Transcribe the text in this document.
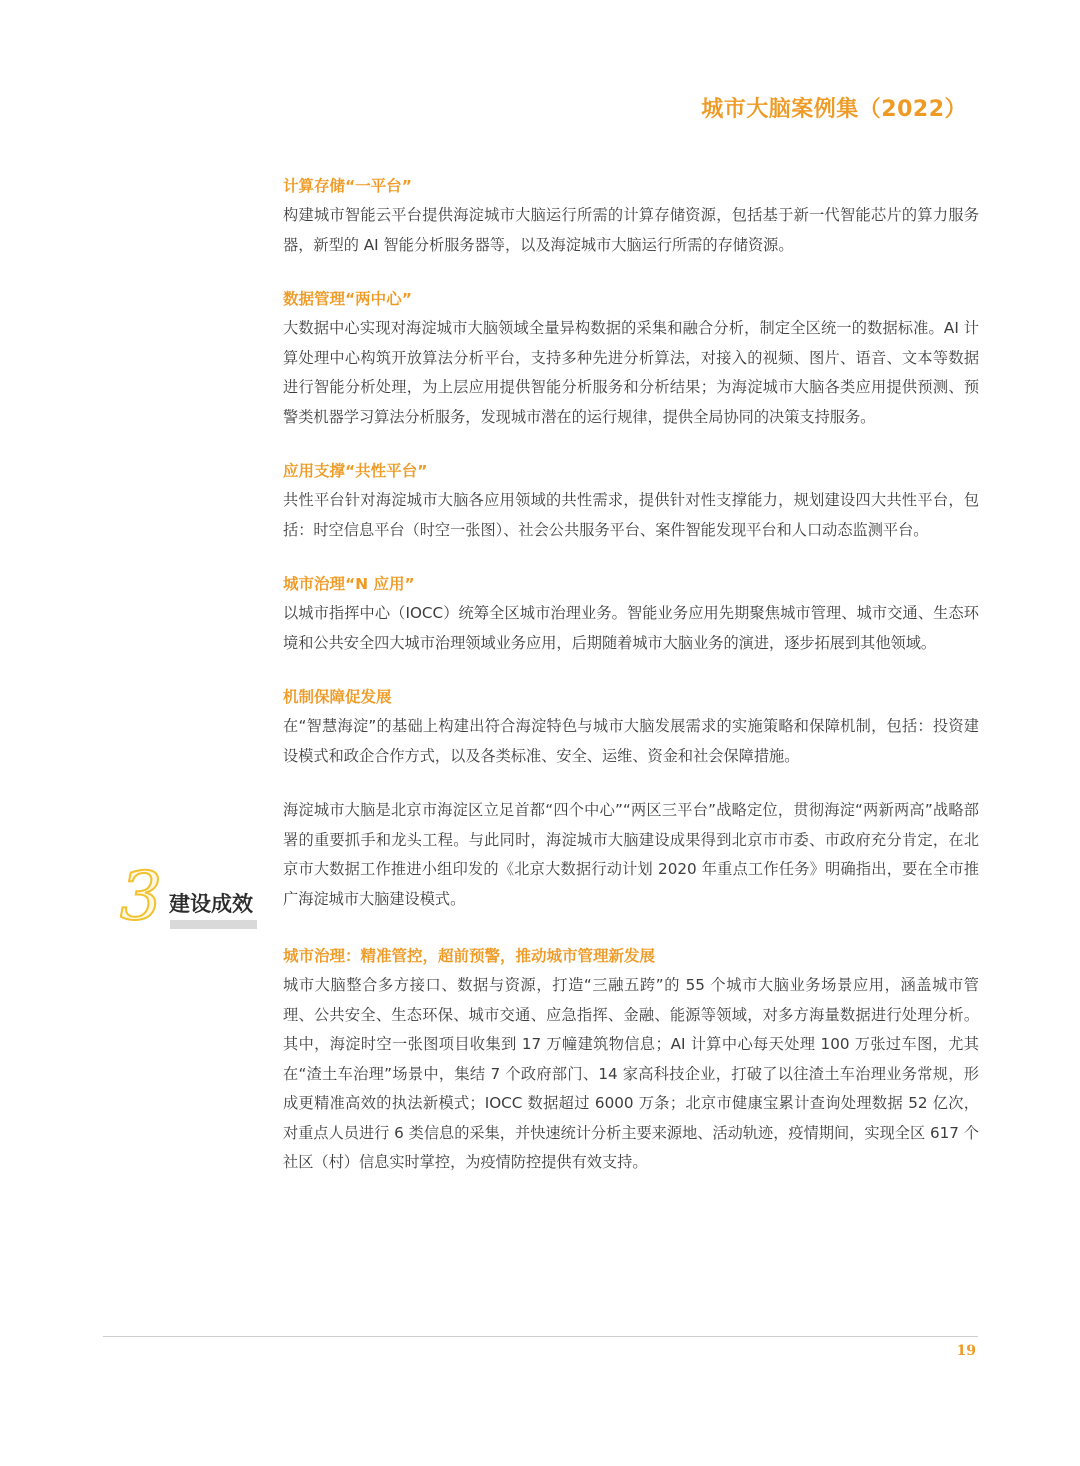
城市大脑案例集（2022）
3 建设成效
计算存储“一平台”
构建城市智能云平台提供海淀城市大脑运行所需的计算存储资源，包括基于新一代智能芯片的算力服务器，新型的 AI 智能分析服务器等，以及海淀城市大脑运行所需的存储资源。
数据管理“两中心”
大数据中心实现对海淀城市大脑领域全量异构数据的采集和融合分析，制定全区统一的数据标准。AI 计算处理中心构筑开放算法分析平台，支持多种先进分析算法，对接入的视频、图片、语音、文本等数据进行智能分析处理，为上层应用提供智能分析服务和分析结果；为海淀城市大脑各类应用提供预测、预警类机器学习算法分析服务，发现城市潜在的运行规律，提供全局协同的决策支持服务。
应用支撑“共性平台”
共性平台针对海淀城市大脑各应用领域的共性需求，提供针对性支撑能力，规划建设四大共性平台，包括：时空信息平台（时空一张图）、社会公共服务平台、案件智能发现平台和人口动态监测平台。
城市治理“N 应用”
以城市指挥中心（IOCC）统筹全区城市治理业务。智能业务应用先期聚焦城市管理、城市交通、生态环境和公共安全四大城市治理领域业务应用，后期随着城市大脑业务的演进，逐步拓展到其他领域。
机制保障促发展
在“智慧海淀”的基础上构建出符合海淀特色与城市大脑发展需求的实施策略和保障机制，包括：投资建设模式和政企合作方式，以及各类标准、安全、运维、资金和社会保障措施。
海淀城市大脑是北京市海淀区立足首都“四个中心”“两区三平台”战略定位，贯彻海淀“两新两高”战略部署的重要抓手和龙头工程。与此同时，海淀城市大脑建设成果得到北京市市委、市政府充分肯定，在北京市大数据工作推进小组印发的《北京大数据行动计划 2020 年重点工作任务》明确指出，要在全市推广海淀城市大脑建设模式。
城市治理：精准管控，超前预警，推动城市管理新发展
城市大脑整合多方接口、数据与资源，打造“三融五跨”的 55 个城市大脑业务场景应用，涵盖城市管理、公共安全、生态环保、城市交通、应急指挥、金融、能源等领域，对多方海量数据进行处理分析。其中，海淀时空一张图项目收集到 17 万幢建筑物信息；AI 计算中心每天处理 100 万张过车图，尤其在“渣土车治理”场景中，集结 7 个政府部门、14 家高科技企业，打破了以往渣土车治理业务常规，形成更精准高效的执法新模式；IOCC 数据超过 6000 万条；北京市健康宝累计查询处理数据 52 亿次，对重点人员进行 6 类信息的采集，并快速统计分析主要来源地、活动轨迹，疫情期间，实现全区 617 个社区（村）信息实时掌控，为疫情防控提供有效支持。
19
